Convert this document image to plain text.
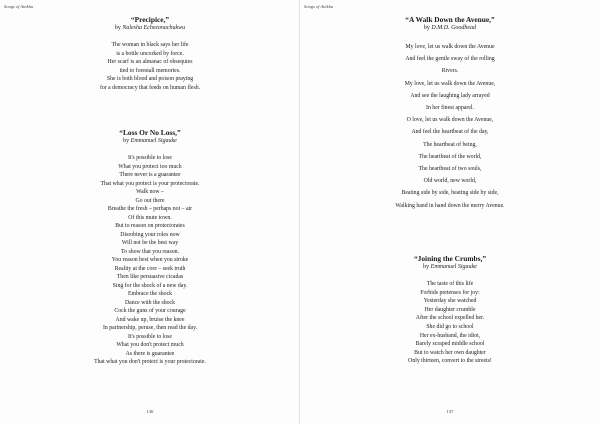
Songs of Anikha
“Precipice,”
by Nalesha Echezonachukwu
The woman in black says her life
is a bottle uncorked by force.
Her scarf is an almanac of obsequies
tied to forestall memories.
She is both blood and poison praying
for a democracy that feeds on human flesh.
“Loss Or No Loss,”
by Emmanuel Sigauke
It's possible to lose
What you protect too much
There never is a guarantee
That what you protect is your protectorate.
Walk now –
Go out there
Breathe the fresh – perhaps not – air
Of this mute town.
But to reason on protectorates
Disrobing your roles now
Will not be the best way
To show that you reason.
You reason best when you stroke
Reality at the core – seek truth
Then like persuasive cicadas
Sing for the shock of a new day.
Embrace the shock
Dance with the shock
Cock the guns of your courage
And wake up, bruise the knee
In partnership, peruse, then read the day.
It's possible to lose
What you don't protect much
As there is guarantee
That what you don't protect is your protectorate.
136
Songs of Anikha
“A Walk Down the Avenue,”
by D.M.D. Goodhead
My love, let us walk down the Avenue
And feel the gentle sway of the rolling
Rivers.
My love, let us walk down the Avenue,
And see the laughing lady arrayed
In her finest apparel.
O love, let us walk down the Avenue,
And feel the heartbeat of the day,
The heartbeat of being,
The heartbeat of the world,
The heartbeat of two souls,
Old world, new world,
Beating side by side, beating side by side,
Walking hand in hand down the merry Avenue.
“Joining the Crumbs,”
by Emmanuel Sigauke
The taste of this life
Forbids pretenses for joy:
Yesterday she watched
Her daughter crumble
After the school expelled her.
She did go to school
Her ex-husband, the idiot,
Barely scraped middle school
But to watch her own daughter
Only thirteen, convert to the streets!
137
